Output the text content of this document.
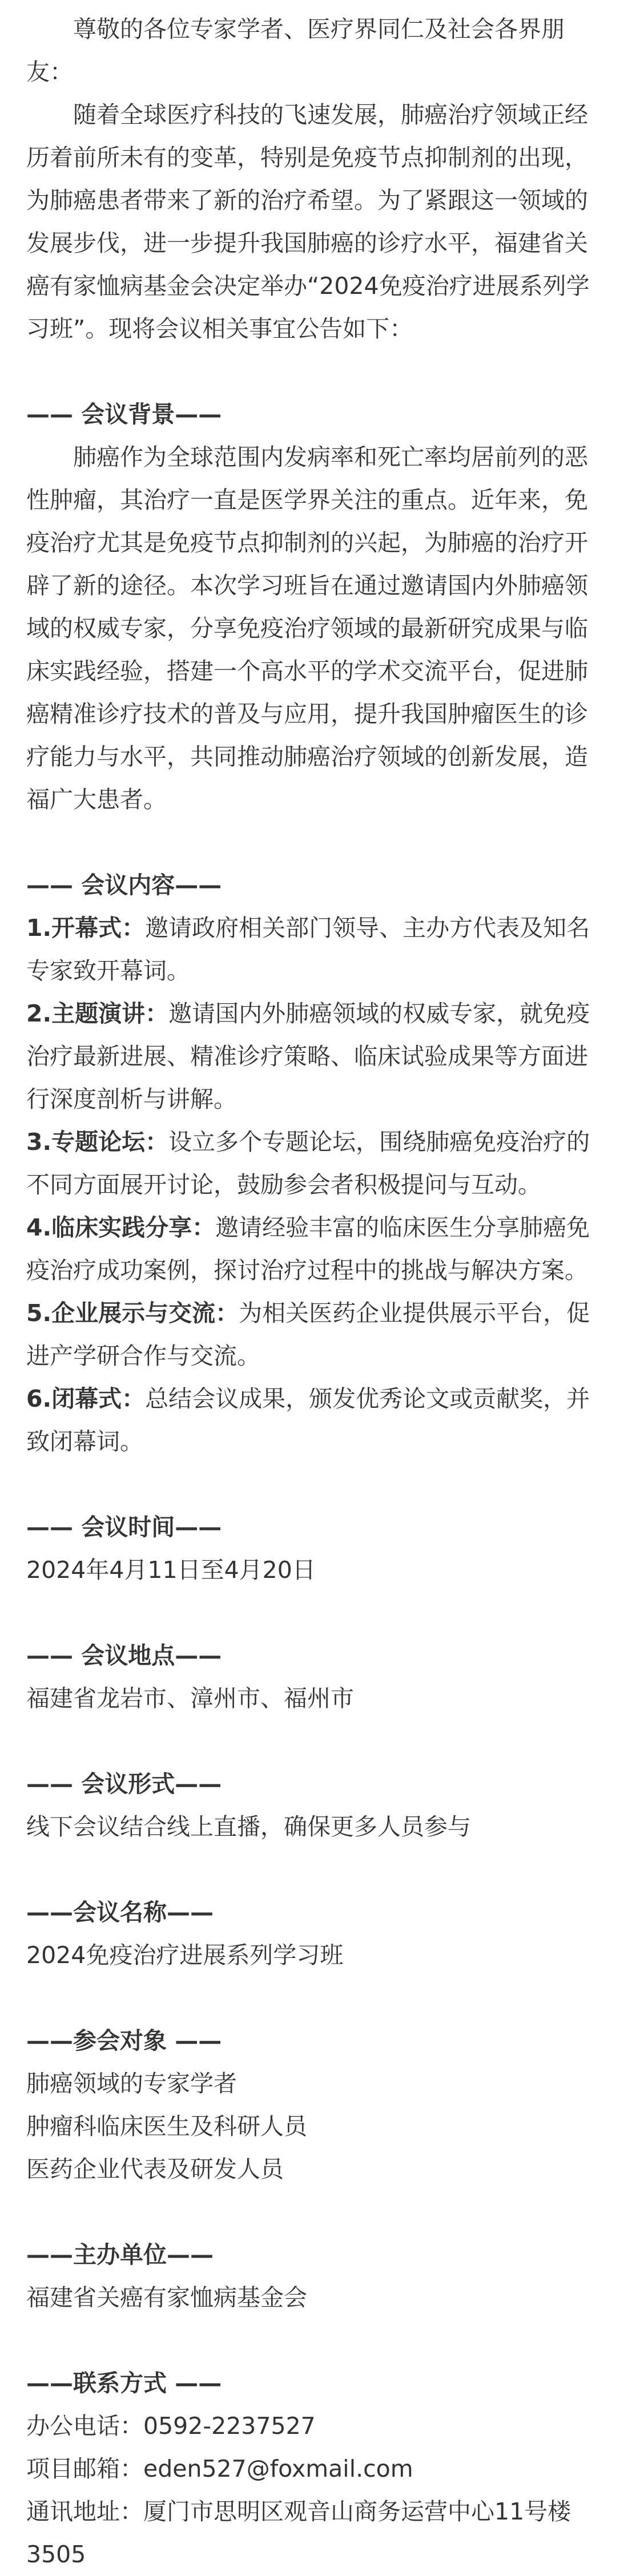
尊敬的各位专家学者、医疗界同仁及社会各界朋友：

随着全球医疗科技的飞速发展，肺癌治疗领域正经历着前所未有的变革，特别是免疫节点抑制剂的出现，为肺癌患者带来了新的治疗希望。为了紧跟这一领域的发展步伐，进一步提升我国肺癌的诊疗水平，福建省关癌有家恤病基金会决定举办“2024免疫治疗进展系列学习班”。现将会议相关事宜公告如下：

—— 会议背景——

肺癌作为全球范围内发病率和死亡率均居前列的恶性肿瘤，其治疗一直是医学界关注的重点。近年来，免疫治疗尤其是免疫节点抑制剂的兴起，为肺癌的治疗开辟了新的途径。本次学习班旨在通过邀请国内外肺癌领域的权威专家，分享免疫治疗领域的最新研究成果与临床实践经验，搭建一个高水平的学术交流平台，促进肺癌精准诊疗技术的普及与应用，提升我国肿瘤医生的诊疗能力与水平，共同推动肺癌治疗领域的创新发展，造福广大患者。

—— 会议内容——

1.开幕式：邀请政府相关部门领导、主办方代表及知名专家致开幕词。

2.主题演讲：邀请国内外肺癌领域的权威专家，就免疫治疗最新进展、精准诊疗策略、临床试验成果等方面进行深度剖析与讲解。

3.专题论坛：设立多个专题论坛，围绕肺癌免疫治疗的不同方面展开讨论，鼓励参会者积极提问与互动。

4.临床实践分享：邀请经验丰富的临床医生分享肺癌免疫治疗成功案例，探讨治疗过程中的挑战与解决方案。

5.企业展示与交流：为相关医药企业提供展示平台，促进产学研合作与交流。

6.闭幕式：总结会议成果，颁发优秀论文或贡献奖，并致闭幕词。

—— 会议时间——

2024年4月11日至4月20日

—— 会议地点——

福建省龙岩市、漳州市、福州市

—— 会议形式——

线下会议结合线上直播，确保更多人员参与

——会议名称——

2024免疫治疗进展系列学习班

——参会对象 ——

肺癌领域的专家学者

肿瘤科临床医生及科研人员

医药企业代表及研发人员

——主办单位——

福建省关癌有家恤病基金会

——联系方式 ——

办公电话：0592-2237527

项目邮箱：eden527@foxmail.com

通讯地址：厦门市思明区观音山商务运营中心11号楼3505
